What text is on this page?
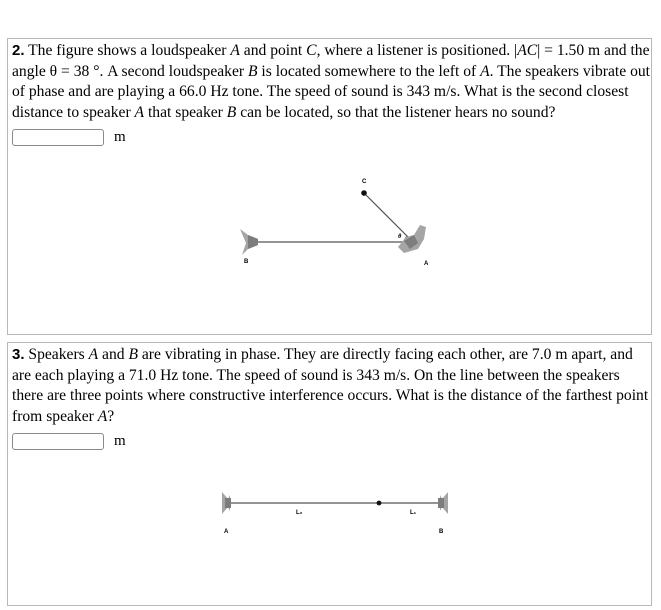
2. The figure shows a loudspeaker A and point C, where a listener is positioned. |AC| = 1.50 m and the angle θ = 38 °. A second loudspeaker B is located somewhere to the left of A. The speakers vibrate out of phase and are playing a 66.0 Hz tone. The speed of sound is 343 m/s. What is the second closest distance to speaker A that speaker B can be located, so that the listener hears no sound?

m
C
θ
B	A

3. Speakers A and B are vibrating in phase. They are directly facing each other, are 7.0 m apart, and are each playing a 71.0 Hz tone. The speed of sound is 343 m/s. On the line between the speakers there are three points where constructive interference occurs. What is the distance of the farthest point from speaker A?

m
A
L₂	L₁
B
